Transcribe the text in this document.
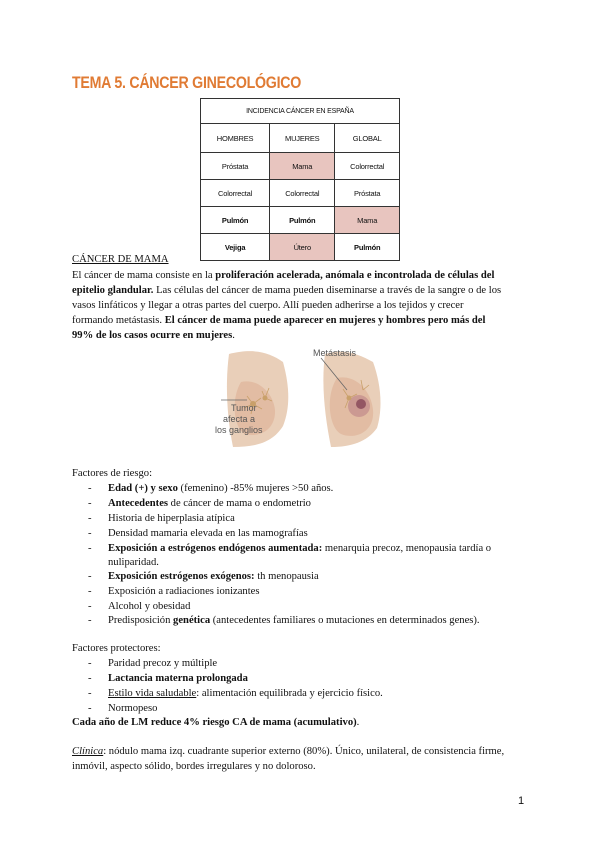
TEMA 5. CÁNCER GINECOLÓGICO
INCIDENCIA CÁNCER EN ESPAÑA		
HOMBRES	MUJERES	GLOBAL
Próstata	Mama	Colorrectal
Colorrectal	Colorrectal	Próstata
Pulmón	Pulmón	Mama
Vejiga	Útero	Pulmón
CÁNCER DE MAMA
El cáncer de mama consiste en la proliferación acelerada, anómala e incontrolada de células del
epitelio glandular. Las células del cáncer de mama pueden diseminarse a través de la sangre o de los
vasos linfáticos y llegar a otras partes del cuerpo. Allí pueden adherirse a los tejidos y crecer
formando metástasis. El cáncer de mama puede aparecer en mujeres y hombres pero más del
99% de los casos ocurre en mujeres.
Metástasis
Tumor afecta a los ganglios
Factores de riesgo:
- Edad (+) y sexo (femenino) -85% mujeres >50 años.
- Antecedentes de cáncer de mama o endometrio
- Historia de hiperplasia atípica
- Densidad mamaria elevada en las mamografías
- Exposición a estrógenos endógenos aumentada: menarquia precoz, menopausia tardía o
nuliparidad.
- Exposición estrógenos exógenos: th menopausia
- Exposición a radiaciones ionizantes
- Alcohol y obesidad
- Predisposición genética (antecedentes familiares o mutaciones en determinados genes).
Factores protectores:
- Paridad precoz y múltiple
- Lactancia materna prolongada
- Estilo vida saludable: alimentación equilibrada y ejercicio físico.
- Normopeso
Cada año de LM reduce 4% riesgo CA de mama (acumulativo).
Clínica: nódulo mama izq. cuadrante superior externo (80%). Único, unilateral, de consistencia firme,
inmóvil, aspecto sólido, bordes irregulares y no doloroso.
1
